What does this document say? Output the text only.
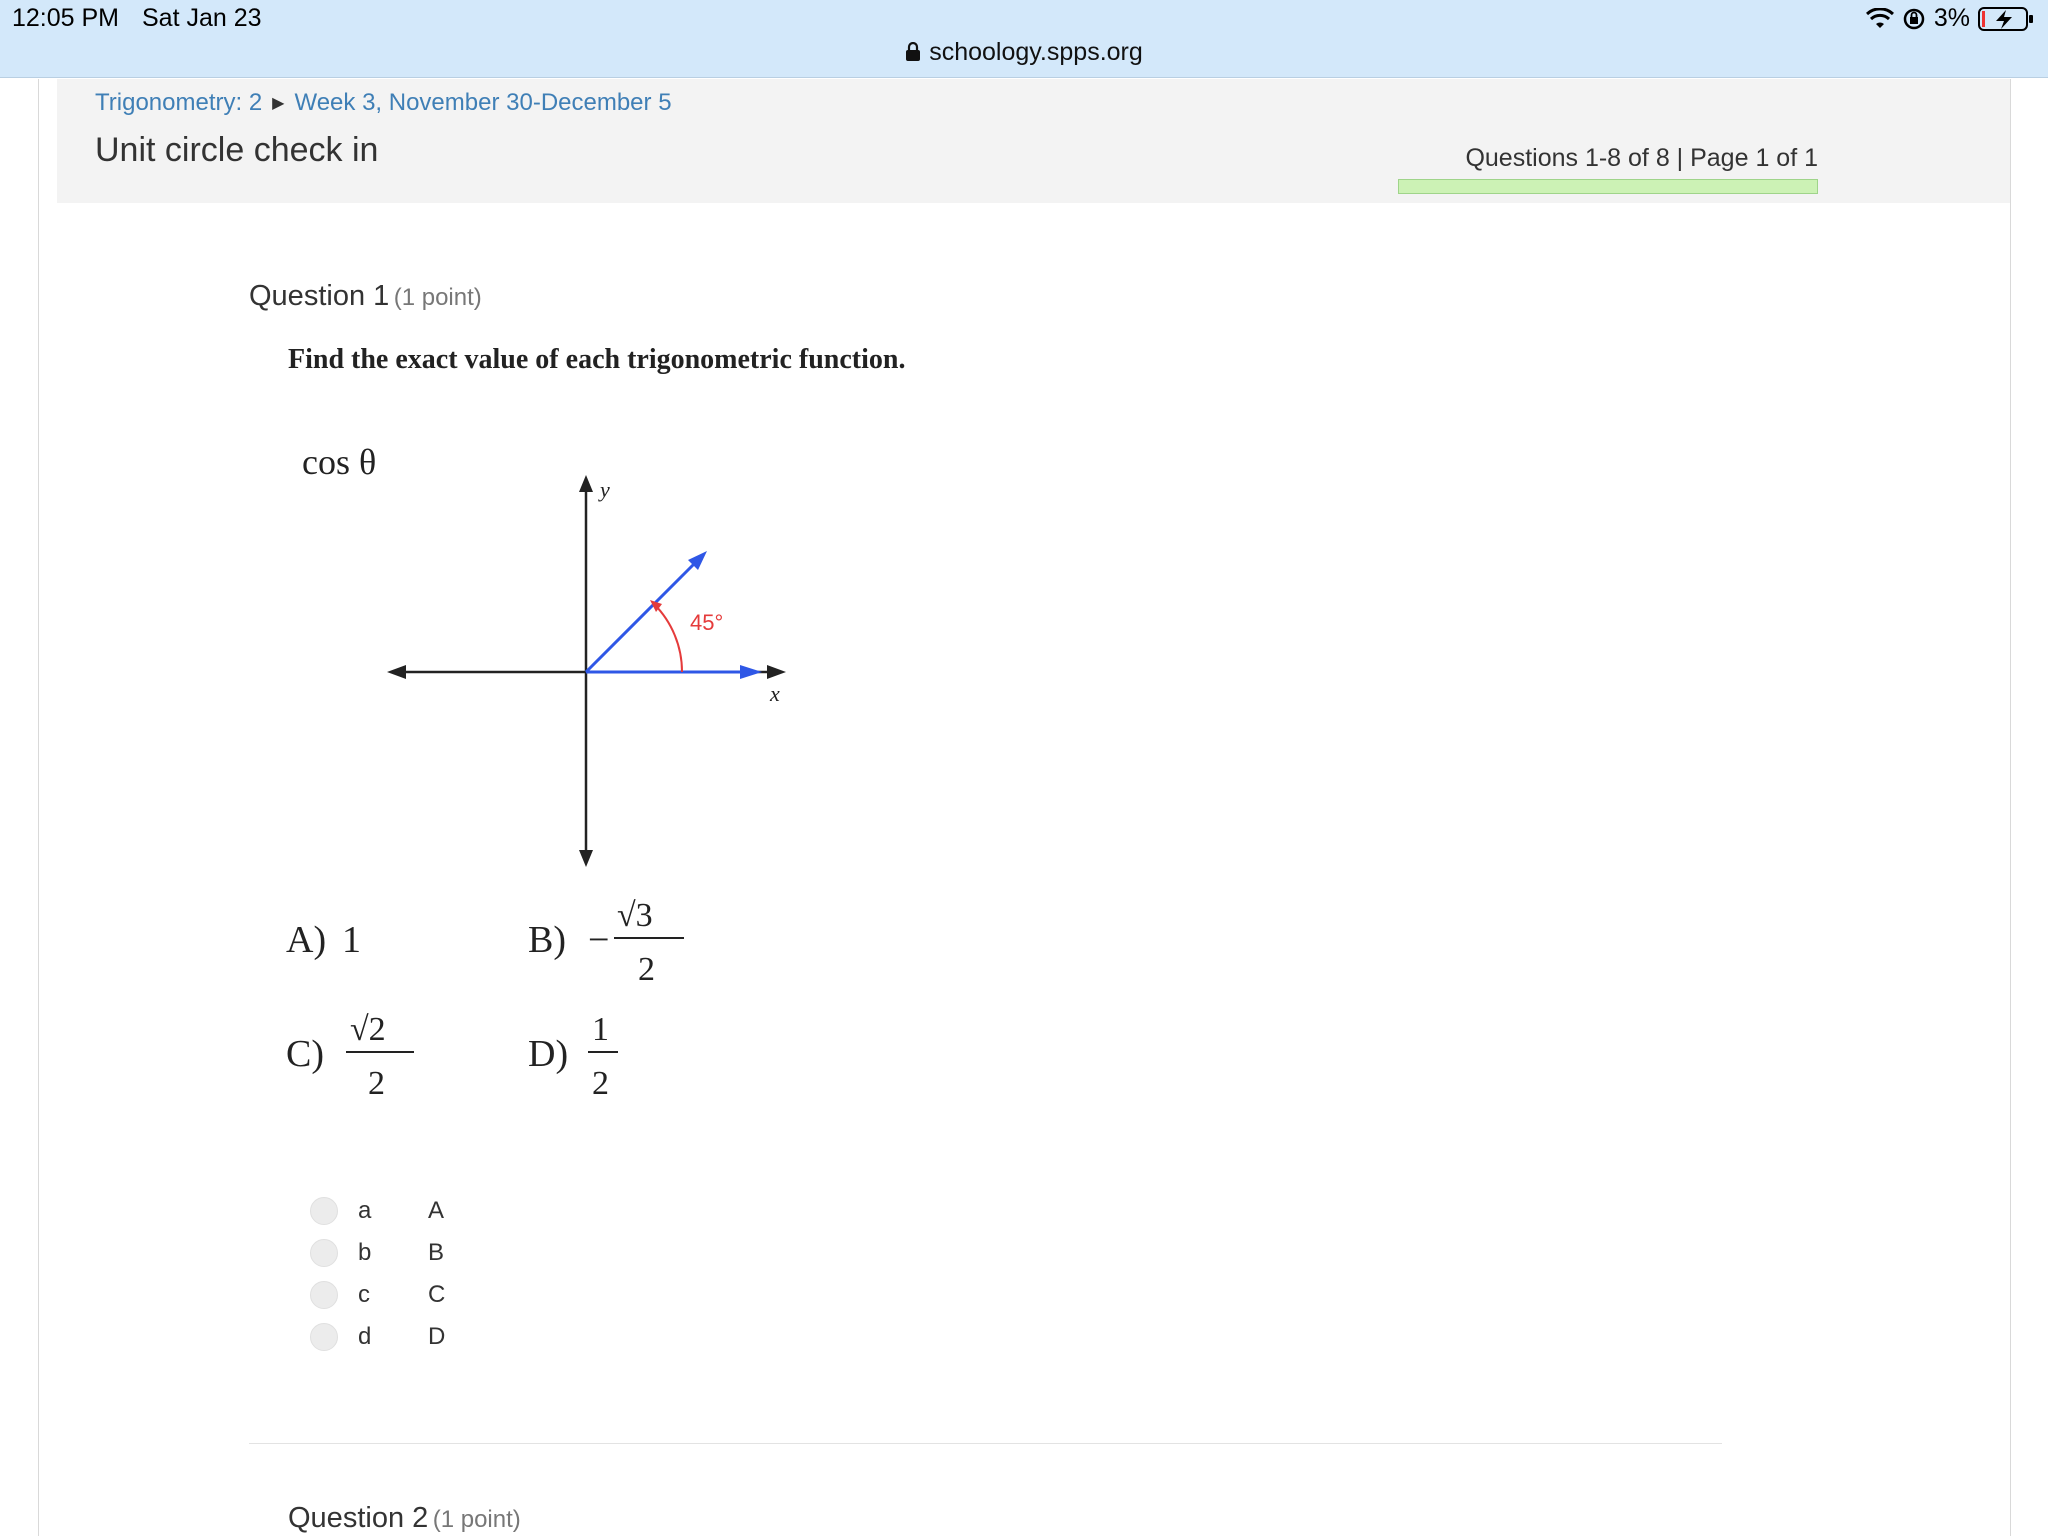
12:05 PM Sat Jan 23	3%
schoology.spps.org
Trigonometry: 2 ▶ Week 3, November 30-December 5
Unit circle check in	Questions 1-8 of 8 | Page 1 of 1
Question 1 (1 point)
Find the exact value of each trigonometric function.
cos θ
y
x
45°
A) 1	B) −
√3
2
C)
√2
2
D)
1
2
a	A
b	B
c	C
d	D
Question 2 (1 point)
